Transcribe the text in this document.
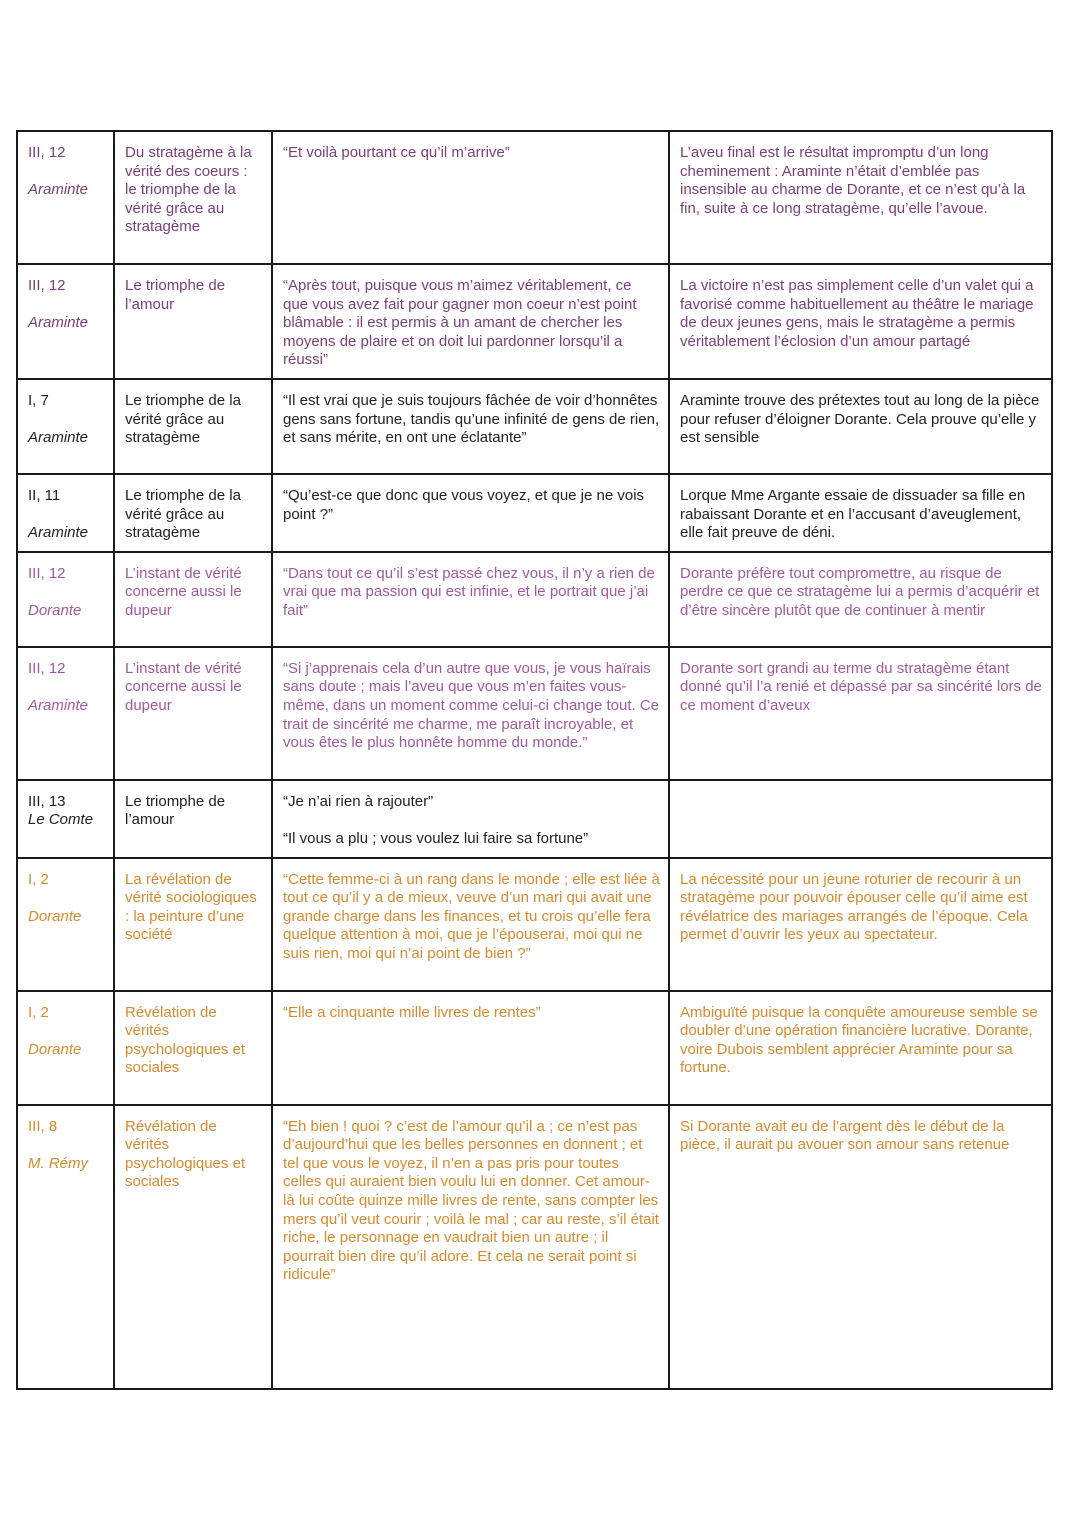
III, 12
Araminte	Du stratagème à la vérité des coeurs : le triomphe de la vérité grâce au stratagème	“Et voilà pourtant ce qu’il m’arrive”	L’aveu final est le résultat impromptu d’un long cheminement : Araminte n’était d’emblée pas insensible au charme de Dorante, et ce n’est qu’à la fin, suite à ce long stratagème, qu’elle l’avoue.

III, 12
Araminte	Le triomphe de l’amour	“Après tout, puisque vous m’aimez véritablement, ce que vous avez fait pour gagner mon coeur n’est point blâmable : il est permis à un amant de chercher les moyens de plaire et on doit lui pardonner lorsqu’il a réussi”	La victoire n’est pas simplement celle d’un valet qui a favorisé comme habituellement au théâtre le mariage de deux jeunes gens, mais le stratagème a permis véritablement l’éclosion d’un amour partagé

I, 7
Araminte	Le triomphe de la vérité grâce au stratagème	“Il est vrai que je suis toujours fâchée de voir d’honnêtes gens sans fortune, tandis qu’une infinité de gens de rien, et sans mérite, en ont une éclatante”	Araminte trouve des prétextes tout au long de la pièce pour refuser d’éloigner Dorante. Cela prouve qu’elle y est sensible

II, 11
Araminte	Le triomphe de la vérité grâce au stratagème	“Qu’est-ce que donc que vous voyez, et que je ne vois point ?”	Lorque Mme Argante essaie de dissuader sa fille en rabaissant Dorante et en l’accusant d’aveuglement, elle fait preuve de déni.

III, 12
Dorante	L’instant de vérité concerne aussi le dupeur	“Dans tout ce qu’il s’est passé chez vous, il n’y a rien de vrai que ma passion qui est infinie, et le portrait que j’ai fait”	Dorante préfère tout compromettre, au risque de perdre ce que ce stratagème lui a permis d’acquérir et d’être sincère plutôt que de continuer à mentir

III, 12
Araminte	L’instant de vérité concerne aussi le dupeur	“Si j’apprenais cela d’un autre que vous, je vous haïrais sans doute ; mais l’aveu que vous m’en faites vous-même, dans un moment comme celui-ci change tout. Ce trait de sincérité me charme, me paraît incroyable, et vous êtes le plus honnête homme du monde.”	Dorante sort grandi au terme du stratagème étant donné qu’il l’a renié et dépassé par sa sincérité lors de ce moment d’aveux

III, 13
Le Comte	Le triomphe de l’amour	“Je n’ai rien à rajouter”
“Il vous a plu ; vous voulez lui faire sa fortune”	

I, 2
Dorante	La révélation de vérité sociologiques : la peinture d’une société	“Cette femme-ci à un rang dans le monde ; elle est liée à tout ce qu’il y a de mieux, veuve d’un mari qui avait une grande charge dans les finances, et tu crois qu’elle fera quelque attention à moi, que je l’épouserai, moi qui ne suis rien, moi qui n’ai point de bien ?”	La nécessité pour un jeune roturier de recourir à un stratagème pour pouvoir épouser celle qu’il aime est révélatrice des mariages arrangés de l’époque. Cela permet d’ouvrir les yeux au spectateur.

I, 2
Dorante	Révélation de vérités psychologiques et sociales	“Elle a cinquante mille livres de rentes”	Ambiguïté puisque la conquête amoureuse semble se doubler d’une opération financière lucrative. Dorante, voire Dubois semblent apprécier Araminte pour sa fortune.

III, 8
M. Rémy	Révélation de vérités psychologiques et sociales	“Eh bien ! quoi ? c’est de l’amour qu’il a ; ce n’est pas d’aujourd’hui que les belles personnes en donnent ; et tel que vous le voyez, il n’en a pas pris pour toutes celles qui auraient bien voulu lui en donner. Cet amour-là lui coûte quinze mille livres de rente, sans compter les mers qu’il veut courir ; voilà le mal ; car au reste, s’il était riche, le personnage en vaudrait bien un autre ; il pourrait bien dire qu’il adore. Et cela ne serait point si ridicule”	Si Dorante avait eu de l’argent dès le début de la pièce, il aurait pu avouer son amour sans retenue
